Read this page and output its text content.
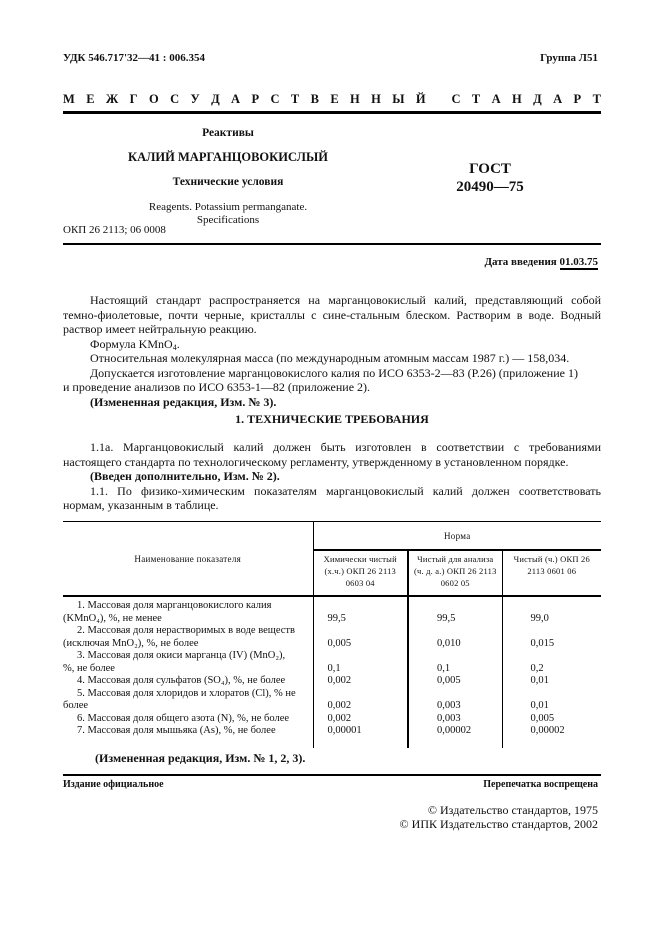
УДК 546.717'32—41 : 006.354	Группа Л51
М Е Ж Г О С У Д А Р С Т В Е Н Н Ы Й
С Т А Н Д А Р Т
Реактивы
КАЛИЙ МАРГАНЦОВОКИСЛЫЙ
Технические условия
Reagents. Potassium permanganate.
Specifications
ОКП 26 2113; 06 0008
ГОСТ
20490—75
Дата введения 01.03.75

Настоящий стандарт распространяется на марганцовокислый калий, представляющий собой темно-фиолетовые, почти черные, кристаллы с сине-стальным блеском. Растворим в воде. Водный раствор имеет нейтральную реакцию.

Формула KMnO$_4$.

Относительная молекулярная масса (по международным атомным массам 1987 г.) — 158,034.

Допускается изготовление марганцовокислого калия по ИСО 6353-2—83 (Р.26) (приложение 1)

и проведение анализов по ИСО 6353-1—82 (приложение 2).

(Измененная редакция, Изм. № 3).

1. ТЕХНИЧЕСКИЕ ТРЕБОВАНИЯ

1.1а. Марганцовокислый калий должен быть изготовлен в соответствии с требованиями настоящего стандарта по технологическому регламенту, утвержденному в установленном порядке.

(Введен дополнительно, Изм. № 2).

1.1. По физико-химическим показателям марганцовокислый калий должен соответствовать нормам, указанным в таблице.

Наименование показателя	Норма		
	Химически чистый (х.ч.) ОКП 26 2113 0603 04	Чистый для анализа (ч. д. а.) ОКП 26 2113 0602 05	Чистый (ч.) ОКП 26 2113 0601 06

1. Массовая доля марганцовокислого калия
(KMnO₄), %, не менее	99,5	99,5	99,0

2. Массовая доля нерастворимых в воде веществ
(исключая MnO₂), %, не более	0,005	0,010	0,015

3. Массовая доля окиси марганца (IV) (MnO₂),
%, не более	0,1	0,1	0,2

4. Массовая доля сульфатов (SO₄), %, не более	0,002	0,005	0,01

5. Массовая доля хлоридов и хлоратов (Cl), % не
более	0,002	0,003	0,01

6. Массовая доля общего азота (N), %, не более	0,002	0,003	0,005

7. Массовая доля мышьяка (As), %, не более	0,00001	0,00002	0,00002

(Измененная редакция, Изм. № 1, 2, 3).
Издание официальное	Перепечатка воспрещена
© Издательство стандартов, 1975
© ИПК Издательство стандартов, 2002
